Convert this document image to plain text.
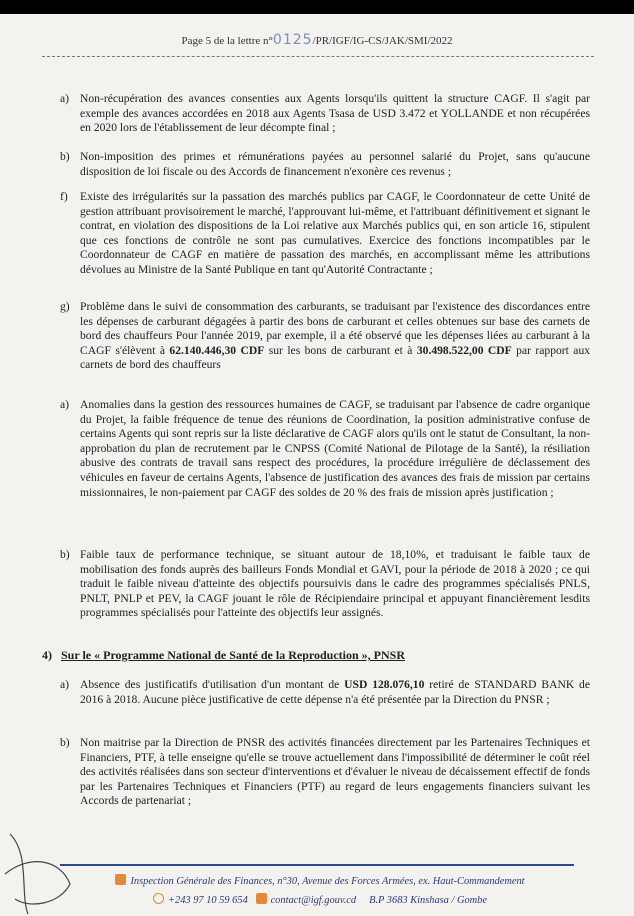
Page 5 de la lettre n°0125/PR/IGF/IG-CS/JAK/SMI/2022
a) Non-récupération des avances consenties aux Agents lorsqu'ils quittent la structure CAGF. Il s'agit par exemple des avances accordées en 2018 aux Agents Tsasa de USD 3.472 et YOLLANDE et non récupérées en 2020 lors de l'établissement de leur décompte final ;
b) Non-imposition des primes et rémunérations payées au personnel salarié du Projet, sans qu'aucune disposition de loi fiscale ou des Accords de financement n'exonère ces revenus ;
f) Existe des irrégularités sur la passation des marchés publics par CAGF, le Coordonnateur de cette Unité de gestion attribuant provisoirement le marché, l'approuvant lui-même, et l'attribuant définitivement et signant le contrat, en violation des dispositions de la Loi relative aux Marchés publics qui, en son article 16, stipulent que ces fonctions de contrôle ne sont pas cumulatives. Exercice des fonctions incompatibles par le Coordonnateur de CAGF en matière de passation des marchés, en accomplissant même les attributions dévolues au Ministre de la Santé Publique en tant qu'Autorité Contractante ;
g) Problème dans le suivi de consommation des carburants, se traduisant par l'existence des discordances entre les dépenses de carburant dégagées à partir des bons de carburant et celles obtenues sur base des carnets de bord des chauffeurs Pour l'année 2019, par exemple, il a été observé que les dépenses liées au carburant à la CAGF s'élèvent à 62.140.446,30 CDF sur les bons de carburant et à 30.498.522,00 CDF par rapport aux carnets de bord des chauffeurs
a) Anomalies dans la gestion des ressources humaines de CAGF, se traduisant par l'absence de cadre organique du Projet, la faible fréquence de tenue des réunions de Coordination, la position administrative confuse de certains Agents qui sont repris sur la liste déclarative de CAGF alors qu'ils ont le statut de Consultant, la non-approbation du plan de recrutement par le CNPSS (Comité National de Pilotage de la Santé), la résiliation abusive des contrats de travail sans respect des procédures, la procédure irrégulière de déclassement des véhicules en faveur de certains Agents, l'absence de justification des avances des frais de mission par certains missionnaires, le non-paiement par CAGF des soldes de 20 % des frais de mission après justification ;
b) Faible taux de performance technique, se situant autour de 18,10%, et traduisant le faible taux de mobilisation des fonds auprès des bailleurs Fonds Mondial et GAVI, pour la période de 2018 à 2020 ; ce qui traduit le faible niveau d'atteinte des objectifs poursuivis dans le cadre des programmes spécialisés PNLS, PNLT, PNLP et PEV, la CAGF jouant le rôle de Récipiendaire principal et appuyant financièrement lesdits programmes spécialisés pour l'atteinte des objectifs leur assignés.
4) Sur le « Programme National de Santé de la Reproduction », PNSR
a) Absence des justificatifs d'utilisation d'un montant de USD 128.076,10 retiré de STANDARD BANK de 2016 à 2018. Aucune pièce justificative de cette dépense n'a été présentée par la Direction du PNSR ;
b) Non maitrise par la Direction de PNSR des activités financées directement par les Partenaires Techniques et Financiers, PTF, à telle enseigne qu'elle se trouve actuellement dans l'impossibilité de déterminer le coût réel des activités réalisées dans son secteur d'interventions et d'évaluer le niveau de décaissement effectif de fonds par les Partenaires Techniques et Financiers (PTF) au regard de leurs engagements financiers suivant les Accords de partenariat ;
Inspection Générale des Finances, n°30, Avenue des Forces Armées, ex. Haut-Commandement
+243 97 10 59 654 contact@igf.gouv.cd B.P 3683 Kinshasa / Gombe
